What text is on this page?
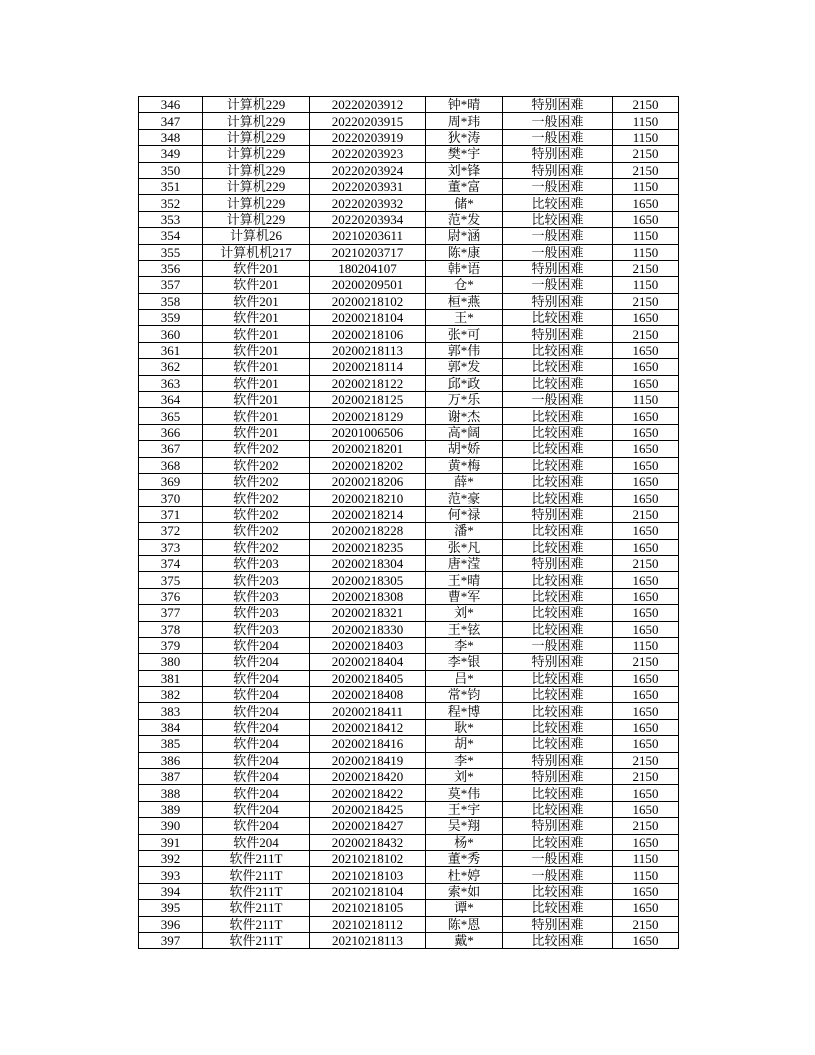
346	计算机229	20220203912	钟*晴	特别困难	2150
347	计算机229	20220203915	周*玮	一般困难	1150
348	计算机229	20220203919	狄*涛	一般困难	1150
349	计算机229	20220203923	樊*宇	特别困难	2150
350	计算机229	20220203924	刘*锋	特别困难	2150
351	计算机229	20220203931	董*富	一般困难	1150
352	计算机229	20220203932	储*	比较困难	1650
353	计算机229	20220203934	范*发	比较困难	1650
354	计算机26	20210203611	尉*涵	一般困难	1150
355	计算机机217	20210203717	陈*康	一般困难	1150
356	软件201	180204107	韩*语	特别困难	2150
357	软件201	20200209501	仓*	一般困难	1150
358	软件201	20200218102	桓*燕	特别困难	2150
359	软件201	20200218104	王*	比较困难	1650
360	软件201	20200218106	张*可	特别困难	2150
361	软件201	20200218113	郭*伟	比较困难	1650
362	软件201	20200218114	郭*发	比较困难	1650
363	软件201	20200218122	邱*政	比较困难	1650
364	软件201	20200218125	万*乐	一般困难	1150
365	软件201	20200218129	谢*杰	比较困难	1650
366	软件201	20201006506	高*阔	比较困难	1650
367	软件202	20200218201	胡*娇	比较困难	1650
368	软件202	20200218202	黄*梅	比较困难	1650
369	软件202	20200218206	薛*	比较困难	1650
370	软件202	20200218210	范*豪	比较困难	1650
371	软件202	20200218214	何*禄	特别困难	2150
372	软件202	20200218228	潘*	比较困难	1650
373	软件202	20200218235	张*凡	比较困难	1650
374	软件203	20200218304	唐*滢	特别困难	2150
375	软件203	20200218305	王*晴	比较困难	1650
376	软件203	20200218308	曹*军	比较困难	1650
377	软件203	20200218321	刘*	比较困难	1650
378	软件203	20200218330	王*铉	比较困难	1650
379	软件204	20200218403	李*	一般困难	1150
380	软件204	20200218404	李*银	特别困难	2150
381	软件204	20200218405	吕*	比较困难	1650
382	软件204	20200218408	常*钧	比较困难	1650
383	软件204	20200218411	程*博	比较困难	1650
384	软件204	20200218412	耿*	比较困难	1650
385	软件204	20200218416	胡*	比较困难	1650
386	软件204	20200218419	李*	特别困难	2150
387	软件204	20200218420	刘*	特别困难	2150
388	软件204	20200218422	莫*伟	比较困难	1650
389	软件204	20200218425	王*宇	比较困难	1650
390	软件204	20200218427	吴*翔	特别困难	2150
391	软件204	20200218432	杨*	比较困难	1650
392	软件211T	20210218102	董*秀	一般困难	1150
393	软件211T	20210218103	杜*婷	一般困难	1150
394	软件211T	20210218104	索*如	比较困难	1650
395	软件211T	20210218105	谭*	比较困难	1650
396	软件211T	20210218112	陈*恩	特别困难	2150
397	软件211T	20210218113	戴*	比较困难	1650
